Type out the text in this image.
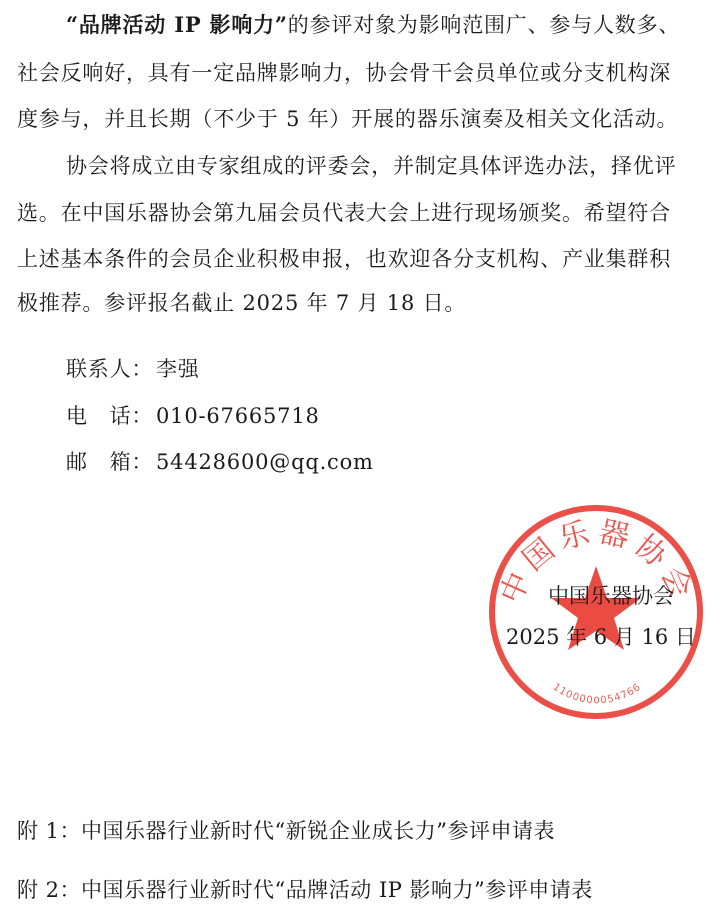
“品牌活动 IP 影响力”的参评对象为影响范围广、参与人数多、
社会反响好，具有一定品牌影响力，协会骨干会员单位或分支机构深
度参与，并且长期（不少于 5 年）开展的器乐演奏及相关文化活动。
协会将成立由专家组成的评委会，并制定具体评选办法，择优评
选。在中国乐器协会第九届会员代表大会上进行现场颁奖。希望符合
上述基本条件的会员企业积极申报，也欢迎各分支机构、产业集群积
极推荐。参评报名截止 2025 年 7 月 18 日。
联系人： 李强
电　话： 010-67665718
邮　箱： 54428600@qq.com
中国乐器协会
1100000054766
中国乐器协会
2025 年 6 月 16 日
附 1：中国乐器行业新时代“新锐企业成长力”参评申请表
附 2：中国乐器行业新时代“品牌活动 IP 影响力”参评申请表
